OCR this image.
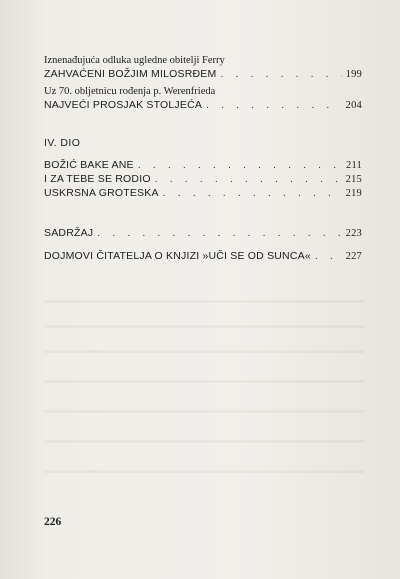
Iznenađujuća odluka ugledne obitelji Ferry
ZAHVAĆENI BOŽJIM MILOSRĐEM . . .	199
Uz 70. obljetnicu rođenja p. Werenfrieda
NAJVEĆI PROSJAK STOLJEĆA . . .	204
IV. DIO
BOŽIĆ BAKE ANE . . .	211
I ZA TEBE SE RODIO . . .	215
USKRSNA GROTESKA . . .	219
SADRŽAJ . . .	223
DOJMOVI ČITATELJA O KNJIZI »UČI SE OD SUNCA« . . .	227
226
